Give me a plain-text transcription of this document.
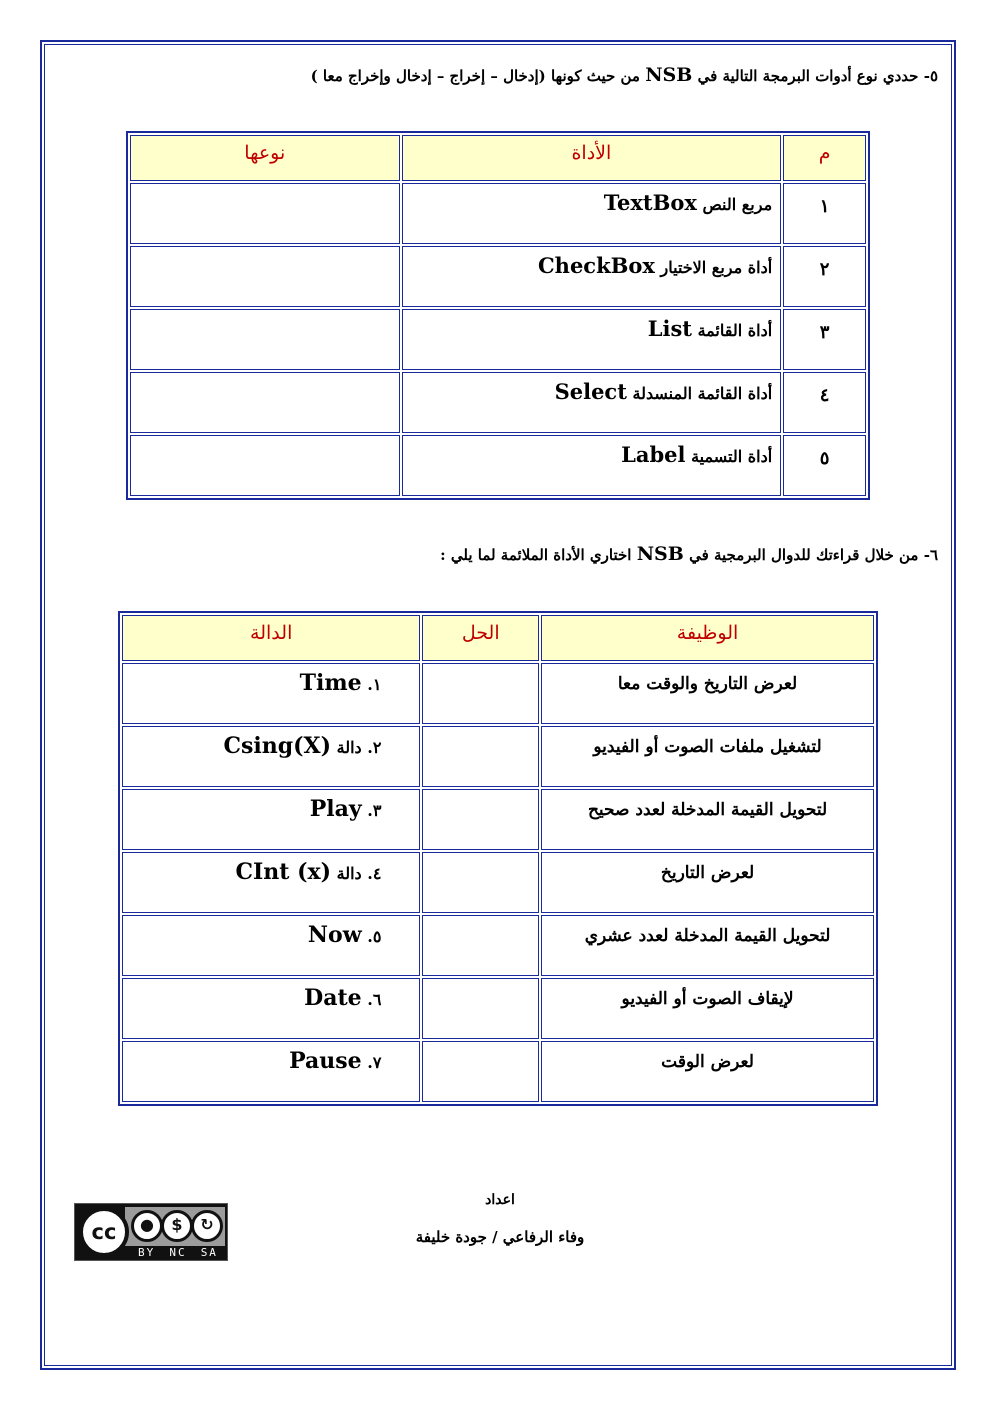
٥- حددي نوع أدوات البرمجة التالية في NSB من حيث كونها (إدخال – إخراج – إدخال وإخراج معا )
م	الأداة	نوعها
١	مربع النص TextBox	
٢	أداة مربع الاختيار CheckBox	
٣	أداة القائمة List	
٤	أداة القائمة المنسدلة Select	
٥	أداة التسمية Label	
٦- من خلال قراءتك للدوال البرمجية في NSB اختاري الأداة الملائمة لما يلي :
الوظيفة	الحل	الدالة
لعرض التاريخ والوقت معا		١. Time
لتشغيل ملفات الصوت أو الفيديو		٢. دالة Csing(X)
لتحويل القيمة المدخلة لعدد صحيح		٣. Play
لعرض التاريخ		٤. دالة CInt (x)
لتحويل القيمة المدخلة لعدد عشري		٥. Now
لإيقاف الصوت أو الفيديو		٦. Date
لعرض الوقت		٧. Pause
اعداد
وفاء الرفاعي / جودة خليفة
cc	●	$	↻
BY NC SA
